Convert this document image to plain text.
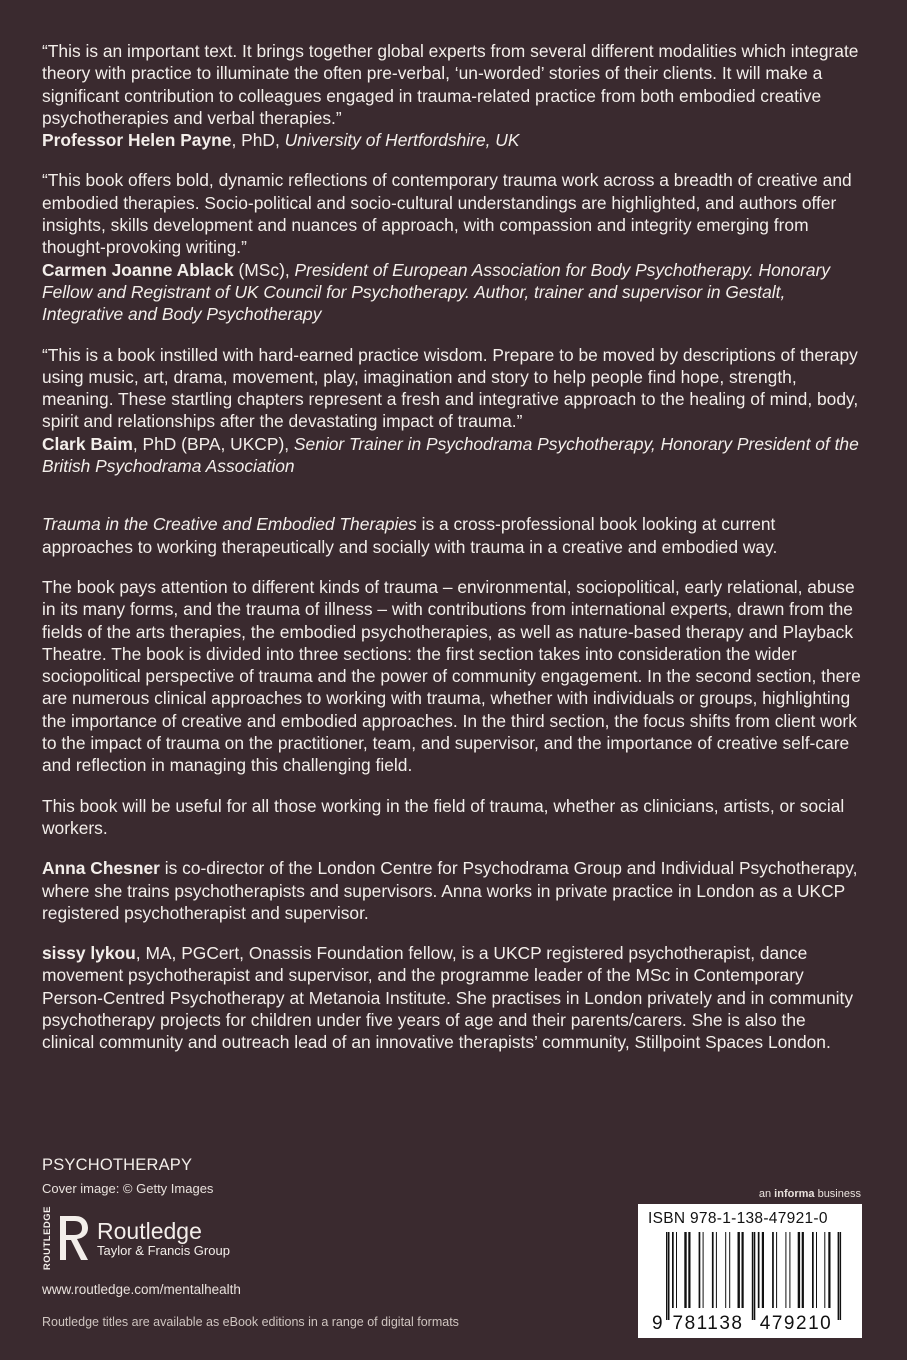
“This is an important text. It brings together global experts from several different modalities which integrate theory with practice to illuminate the often pre-verbal, ‘un-worded’ stories of their clients. It will make a significant contribution to colleagues engaged in trauma-related practice from both embodied creative psychotherapies and verbal therapies.”
Professor Helen Payne, PhD, University of Hertfordshire, UK

“This book offers bold, dynamic reflections of contemporary trauma work across a breadth of creative and embodied therapies. Socio-political and socio-cultural understandings are highlighted, and authors offer insights, skills development and nuances of approach, with compassion and integrity emerging from thought-provoking writing.”
Carmen Joanne Ablack (MSc), President of European Association for Body Psychotherapy. Honorary Fellow and Registrant of UK Council for Psychotherapy. Author, trainer and supervisor in Gestalt, Integrative and Body Psychotherapy

“This is a book instilled with hard-earned practice wisdom. Prepare to be moved by descriptions of therapy using music, art, drama, movement, play, imagination and story to help people find hope, strength, meaning. These startling chapters represent a fresh and integrative approach to the healing of mind, body, spirit and relationships after the devastating impact of trauma.”
Clark Baim, PhD (BPA, UKCP), Senior Trainer in Psychodrama Psychotherapy, Honorary President of the British Psychodrama Association

Trauma in the Creative and Embodied Therapies is a cross-professional book looking at current approaches to working therapeutically and socially with trauma in a creative and embodied way.

The book pays attention to different kinds of trauma – environmental, sociopolitical, early relational, abuse in its many forms, and the trauma of illness – with contributions from international experts, drawn from the fields of the arts therapies, the embodied psychotherapies, as well as nature-based therapy and Playback Theatre. The book is divided into three sections: the first section takes into consideration the wider sociopolitical perspective of trauma and the power of community engagement. In the second section, there are numerous clinical approaches to working with trauma, whether with individuals or groups, highlighting the importance of creative and embodied approaches. In the third section, the focus shifts from client work to the impact of trauma on the practitioner, team, and supervisor, and the importance of creative self-care and reflection in managing this challenging field.

This book will be useful for all those working in the field of trauma, whether as clinicians, artists, or social workers.

Anna Chesner is co-director of the London Centre for Psychodrama Group and Individual Psychotherapy, where she trains psychotherapists and supervisors. Anna works in private practice in London as a UKCP registered psychotherapist and supervisor.

sissy lykou, MA, PGCert, Onassis Foundation fellow, is a UKCP registered psychotherapist, dance movement psychotherapist and supervisor, and the programme leader of the MSc in Contemporary Person-Centred Psychotherapy at Metanoia Institute. She practises in London privately and in community psychotherapy projects for children under five years of age and their parents/carers. She is also the clinical community and outreach lead of an innovative therapists’ community, Stillpoint Spaces London.

PSYCHOTHERAPY
Cover image: © Getty Images
ROUTLEDGE Routledge
Taylor & Francis Group
www.routledge.com/mentalhealth
Routledge titles are available as eBook editions in a range of digital formats
an informa business
ISBN 978-1-138-47921-0
9 781138 479210
